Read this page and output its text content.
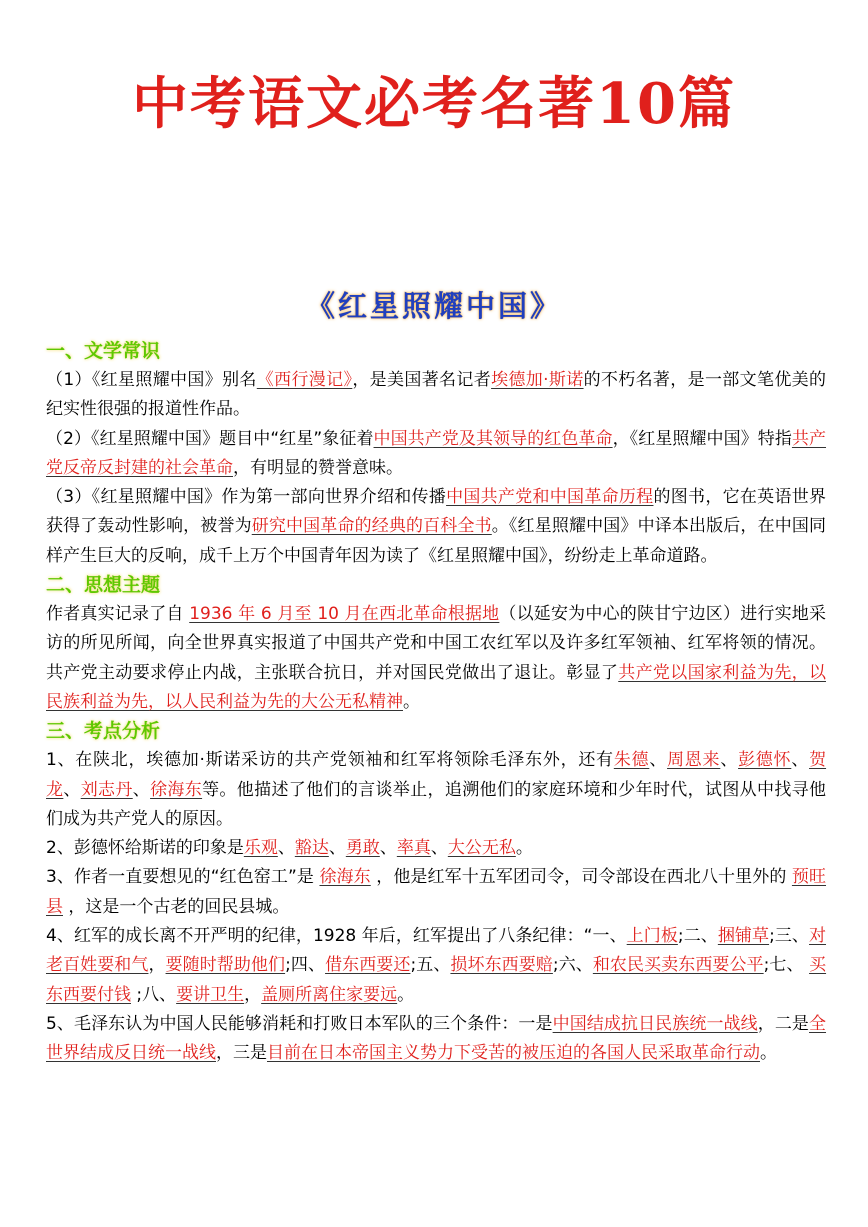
中考语文必考名著10篇
《红星照耀中国》
一、文学常识

（1）《红星照耀中国》别名《西行漫记》，是美国著名记者埃德加·斯诺的不朽名著，是一部文笔优美的纪实性很强的报道性作品。

（2）《红星照耀中国》题目中“红星”象征着中国共产党及其领导的红色革命，《红星照耀中国》特指共产党反帝反封建的社会革命，有明显的赞誉意味。

（3）《红星照耀中国》作为第一部向世界介绍和传播中国共产党和中国革命历程的图书，它在英语世界获得了轰动性影响，被誉为研究中国革命的经典的百科全书。《红星照耀中国》中译本出版后，在中国同样产生巨大的反响，成千上万个中国青年因为读了《红星照耀中国》，纷纷走上革命道路。

二、思想主题

作者真实记录了自 1936 年 6 月至 10 月在西北革命根据地（以延安为中心的陕甘宁边区）进行实地采访的所见所闻，向全世界真实报道了中国共产党和中国工农红军以及许多红军领袖、红军将领的情况。共产党主动要求停止内战，主张联合抗日，并对国民党做出了退让。彰显了共产党以国家利益为先，以民族利益为先，以人民利益为先的大公无私精神。

三、考点分析

1、在陕北，埃德加·斯诺采访的共产党领袖和红军将领除毛泽东外，还有朱德、周恩来、彭德怀、贺龙、刘志丹、徐海东等。他描述了他们的言谈举止，追溯他们的家庭环境和少年时代，试图从中找寻他们成为共产党人的原因。

2、彭德怀给斯诺的印象是乐观、豁达、勇敢、率真、大公无私。

3、作者一直要想见的“红色窑工”是 徐海东 ，他是红军十五军团司令，司令部设在西北八十里外的 预旺县 ，这是一个古老的回民县城。

4、红军的成长离不开严明的纪律，1928 年后，红军提出了八条纪律：“一、上门板;二、捆铺草;三、对老百姓要和气，要随时帮助他们;四、借东西要还;五、损坏东西要赔;六、和农民买卖东西要公平;七、 买东西要付钱 ;八、要讲卫生，盖厕所离住家要远。

5、毛泽东认为中国人民能够消耗和打败日本军队的三个条件：一是中国结成抗日民族统一战线，二是全世界结成反日统一战线，三是目前在日本帝国主义势力下受苦的被压迫的各国人民采取革命行动。
